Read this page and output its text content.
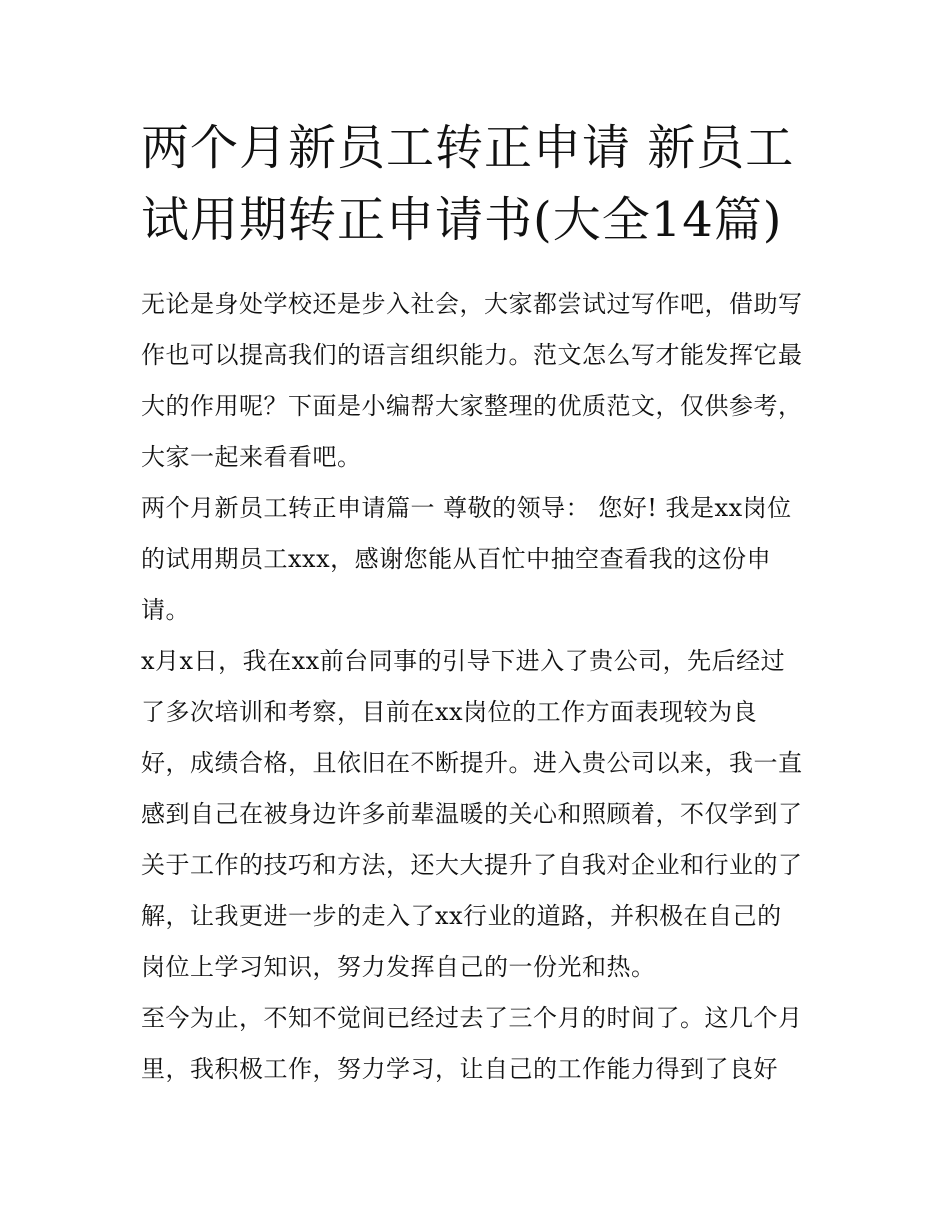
两个月新员工转正申请 新员工
试用期转正申请书(大全14篇)

无论是身处学校还是步入社会，大家都尝试过写作吧，借助写
作也可以提高我们的语言组织能力。范文怎么写才能发挥它最
大的作用呢？下面是小编帮大家整理的优质范文，仅供参考，
大家一起来看看吧。

两个月新员工转正申请篇一 尊敬的领导： 您好! 我是xx岗位
的试用期员工xxx，感谢您能从百忙中抽空查看我的这份申
请。

x月x日，我在xx前台同事的引导下进入了贵公司，先后经过
了多次培训和考察，目前在xx岗位的工作方面表现较为良
好，成绩合格，且依旧在不断提升。进入贵公司以来，我一直
感到自己在被身边许多前辈温暖的关心和照顾着，不仅学到了
关于工作的技巧和方法，还大大提升了自我对企业和行业的了
解，让我更进一步的走入了xx行业的道路，并积极在自己的
岗位上学习知识，努力发挥自己的一份光和热。

至今为止，不知不觉间已经过去了三个月的时间了。这几个月
里，我积极工作，努力学习，让自己的工作能力得到了良好
